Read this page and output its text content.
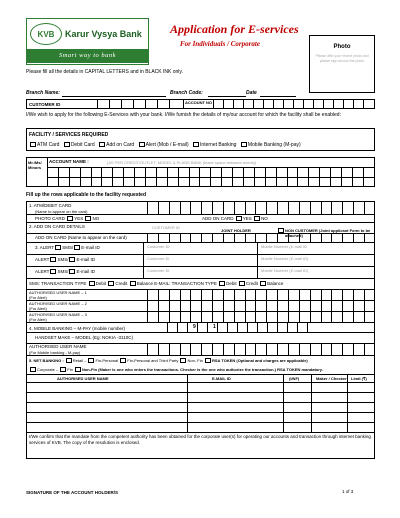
KVB	Karur Vysya Bank
Smart way to bank
Application for E-services
For Individuals / Corporate	Photo
Please affix your recent photo and please sign across the photo
Please fill all the details in CAPITAL LETTERS and in BLACK INK only.
Branch Name:	Branch Code:	Date
CUSTOMER ID	ACCOUNT NO
I/We wish to apply for the following E-Services with your bank. I/We furnish the details of my/our account for which the facility shall be enabled:
FACILITY / SERVICES REQUIRED
ATM Card Debit Card Add on Card Alert (Mob / E-mail) Internet Banking Mobile Banking (M-pay)
Mr./Ms/ Minors
ACCOUNT NAME :	(AS PER CREDIT/OUTLET, MODEL & PLANS BANK (leave space between words))
Fill up the rows applicable to the facility requested
1. ATM/DEBIT CARD
(Name to appear on the card)
PHOTO CARD YES NO	ADD ON CARD YES NO
2. ADD ON CARD DETAILS	CUSTOMER ID
JOINT HOLDER	NON CUSTOMER (Joint applicant Form to be attached)
ADD ON CARD (Name to appear on the card)
3. ALERT SMS/ E-mail ID	Customer ID	Mobile Number (E-mail ID
ALERT SMS/ E-mail ID	Customer ID	Mobile Number (E-mail ID)
ALERT SMS/ E-mail ID	Customer ID	Mobile Number (E-mail ID)
SMS: TRANSACTION TYPE Debit Credit Balance E-MAIL: TRANSACTION TYPE Debit Credit Balance
AUTHORISED USER NAME – 1
(For Alert)
AUTHORISED USER NAME – 2
(For Alert)
AUTHORISED USER NAME – 3
(For Alert)
4. MOBILE BANKING – M-PAY (mobile number)	9	1
HANDSET MAKE – MODEL (Eg: NOKIA -3110C)
AUTHORISED USER NAME
(For Mobile banking - M-pay)
5. NET BANKING : Retail – Fin-Personal Fin-Personal and Third Party Non- Fin RSA TOKEN (Optional and charges are applicable)
Corporate – Fin Non-Fin (Maker is one who enters the transactions. Checker is the one who authorize the transaction.) RSA TOKEN mandatory.
AUTHORISED USER NAME	E-MAIL ID	(I/NF)	Maker / Checker Limit (₹)
I/We confirm that the mandate from the competent authority has been obtained for the corporate user(s) for operating our accounts and transaction through internet banking services of KVB. The copy of the resolution is enclosed.
SIGNATURE OF THE ACCOUNT HOLDER/S	1 of 3
